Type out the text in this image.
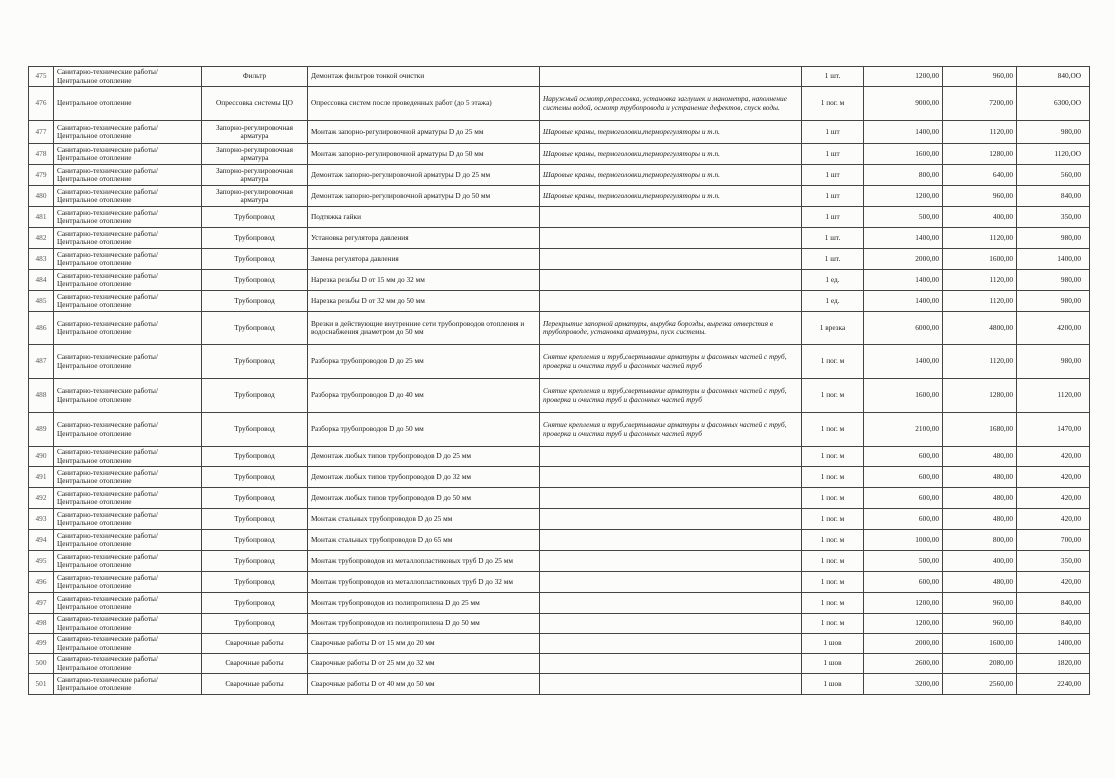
475	Санитарно-технические работы/Центральное отопление	Фильтр	Демонтаж фильтров тонкой очистки		1 шт.	1200,00	960,00	840,ОО
476	Центральное отопление	Опрессовка системы ЦО	Опрессовка систем после проведенных работ (до 5 этажа)	Наружный осмотр,опрессовка, установка заглушек и манометра, наполнение системы водой, осмотр трубопровода и устранение дефектов, спуск воды.	1 пог. м	9000,00	7200,00	6300,ОО
477	Санитарно-технические работы/Центральное отопление	Запорно-регулировочная арматура	Монтаж запорно-регулировочной арматуры D до 25 мм	Шаровые краны, термоголовки,терморегуляторы и т.п.	1 шт	1400,00	1120,00	980,00
478	Санитарно-технические работы/Центральное отопление	Запорно-регулировочная арматура	Монтаж запорно-регулировочной арматуры D до 50 мм	Шаровые краны, термоголовки,терморегуляторы и т.п.	1 шт	1600,00	1280,00	1120,ОО
479	Санитарно-технические работы/Центральное отопление	Запорно-регулировочная арматура	Демонтаж запорно-регулировочной арматуры D до 25 мм	Шаровые краны, термоголовки,терморегуляторы и т.п.	1 шт	800,00	640,00	560,00
480	Санитарно-технические работы/Центральное отопление	Запорно-регулировочная арматура	Демонтаж запорно-регулировочной арматуры D до 50 мм	Шаровые краны, термоголовки,терморегуляторы и т.п.	1 шт	1200,00	960,00	840,00
481	Санитарно-технические работы/Центральное отопление	Трубопровод	Подтяжка гайки		1 шт	500,00	400,00	350,00
482	Санитарно-технические работы/Центральное отопление	Трубопровод	Установка регулятора давления		1 шт.	1400,00	1120,00	980,00
483	Санитарно-технические работы/Центральное отопление	Трубопровод	Замена регулятора давления		1 шт.	2000,00	1600,00	1400,00
484	Санитарно-технические работы/Центральное отопление	Трубопровод	Нарезка резьбы D от 15 мм до 32 мм		1 ед.	1400,00	1120,00	980,00
485	Санитарно-технические работы/Центральное отопление	Трубопровод	Нарезка резьбы D от 32 мм до 50 мм		1 ед.	1400,00	1120,00	980,00
486	Санитарно-технические работы/Центральное отопление	Трубопровод	Врезки в действующие внутренние сети трубопроводов отопления и водоснабжения диаметром до 50 мм	Перекрытие запорной арматуры, вырубка борозды, вырезка отверстия в трубопроводе, установка арматуры, пуск системы.	1 врезка	6000,00	4800,00	4200,00
487	Санитарно-технические работы/Центральное отопление	Трубопровод	Разборка трубопроводов D до 25 мм	Снятие крепления и труб,свертывание арматуры и фасонных частей с труб, проверка и очистка труб и фасонных частей труб	1 пог. м	1400,00	1120,00	980,00
488	Санитарно-технические работы/Центральное отопление	Трубопровод	Разборка трубопроводов D до 40 мм	Снятие крепления и труб,свертывание арматуры и фасонных частей с труб, проверка и очистка труб и фасонных частей труб	1 пог. м	1600,00	1280,00	1120,00
489	Санитарно-технические работы/Центральное отопление	Трубопровод	Разборка трубопроводов D до 50 мм	Снятие крепления и труб,свертывание арматуры и фасонных частей с труб, проверка и очистка труб и фасонных частей труб	1 пог. м	2100,00	1680,00	1470,00
490	Санитарно-технические работы/Центральное отопление	Трубопровод	Демонтаж любых типов трубопроводов D до 25 мм		1 пог. м	600,00	480,00	420,00
491	Санитарно-технические работы/Центральное отопление	Трубопровод	Демонтаж любых типов трубопроводов D до 32 мм		1 пог. м	600,00	480,00	420,00
492	Санитарно-технические работы/Центральное отопление	Трубопровод	Демонтаж любых типов трубопроводов D до 50 мм		1 пог. м	600,00	480,00	420,00
493	Санитарно-технические работы/Центральное отопление	Трубопровод	Монтаж стальных трубопроводов D до 25 мм		1 пог. м	600,00	480,00	420,00
494	Санитарно-технические работы/Центральное отопление	Трубопровод	Монтаж стальных трубопроводов D до 65 мм		1 пог. м	1000,00	800,00	700,00
495	Санитарно-технические работы/Центральное отопление	Трубопровод	Монтаж трубопроводов из металлопластиковых труб D до 25 мм		1 пог. м	500,00	400,00	350,00
496	Санитарно-технические работы/Центральное отопление	Трубопровод	Монтаж трубопроводов из металлопластиковых труб D до 32 мм		1 пог. м	600,00	480,00	420,00
497	Санитарно-технические работы/Центральное отопление	Трубопровод	Монтаж трубопроводов из полипропилена D до 25 мм		1 пог. м	1200,00	960,00	840,00
498	Санитарно-технические работы/Центральное отопление	Трубопровод	Монтаж трубопроводов из полипропилена D до 50 мм		1 пог. м	1200,00	960,00	840,00
499	Санитарно-технические работы/Центральное отопление	Сварочные работы	Сварочные работы D от 15 мм до 20 мм		1 шов	2000,00	1600,00	1400,00
500	Санитарно-технические работы/Центральное отопление	Сварочные работы	Сварочные работы D от 25 мм до 32 мм		1 шов	2600,00	2080,00	1820,00
501	Санитарно-технические работы/Центральное отопление	Сварочные работы	Сварочные работы D от 40 мм до 50 мм		1 шов	3200,00	2560,00	2240,00
